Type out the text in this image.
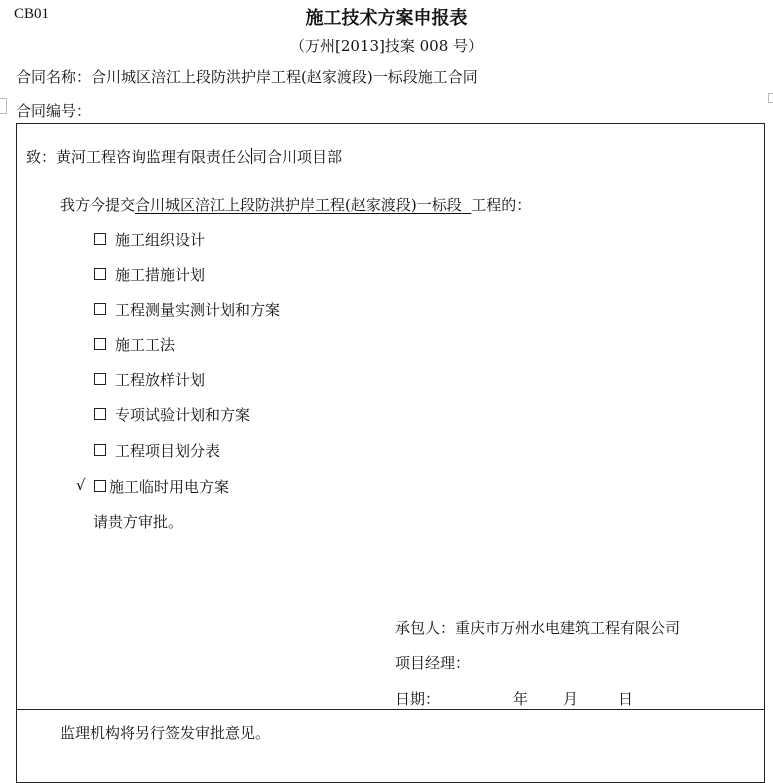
CB01	施工技术方案申报表
（万州[2013]技案 008 号）
合同名称：合川城区涪江上段防洪护岸工程(赵家渡段)一标段施工合同
合同编号：
致：黄河工程咨询监理有限责任公司合川项目部
我方今提交合川城区涪江上段防洪护岸工程(赵家渡段)一标段 工程的：
施工组织设计
施工措施计划
工程测量实测计划和方案
施工工法
工程放样计划
专项试验计划和方案
工程项目划分表
√	施工临时用电方案
请贵方审批。
承包人：重庆市万州水电建筑工程有限公司
项目经理：
日期：	年 月	日
监理机构将另行签发审批意见。
